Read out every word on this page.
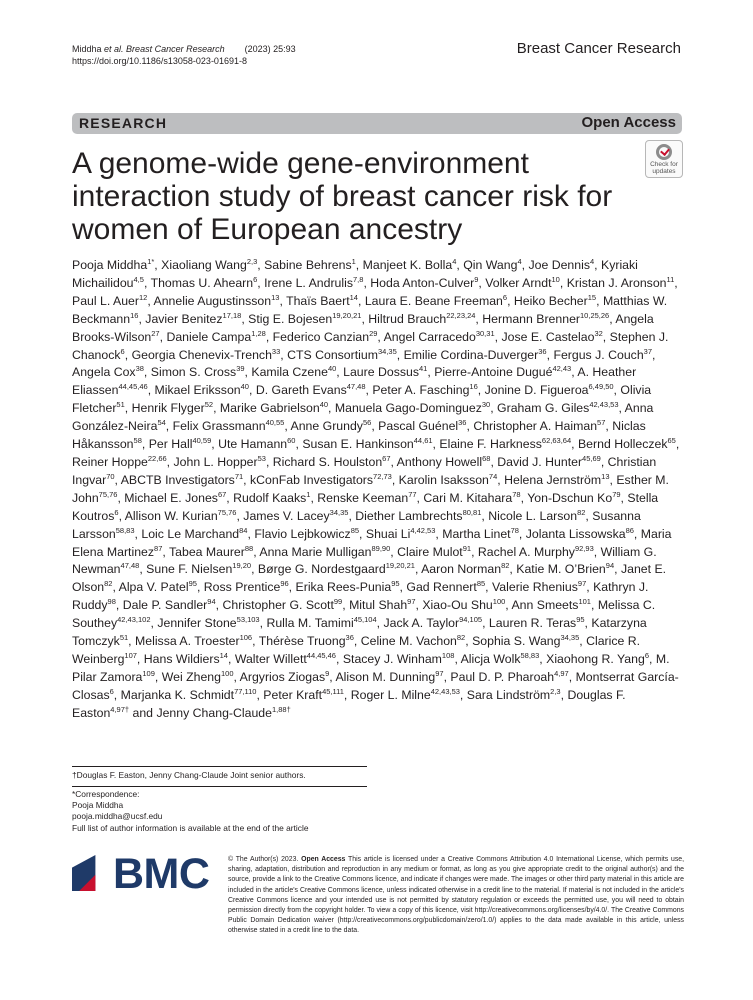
Middha et al. Breast Cancer Research (2023) 25:93
https://doi.org/10.1186/s13058-023-01691-8
Breast Cancer Research
RESEARCH	Open Access
A genome-wide gene-environment interaction study of breast cancer risk for women of European ancestry
Check for
updates
Pooja Middha$^{1*}$, Xiaoliang Wang$^{2,3}$, Sabine Behrens$^1$, Manjeet K. Bolla$^4$, Qin Wang$^4$, Joe Dennis$^4$, Kyriaki Michailidou$^{4,5}$, Thomas U. Ahearn$^6$, Irene L. Andrulis$^{7,8}$, Hoda Anton-Culver$^9$, Volker Arndt$^{10}$, Kristan J. Aronson$^{11}$, Paul L. Auer$^{12}$, Annelie Augustinsson$^{13}$, Thaïs Baert$^{14}$, Laura E. Beane Freeman$^6$, Heiko Becher$^{15}$, Matthias W. Beckmann$^{16}$, Javier Benitez$^{17,18}$, Stig E. Bojesen$^{19,20,21}$, Hiltrud Brauch$^{22,23,24}$, Hermann Brenner$^{10,25,26}$, Angela Brooks-Wilson$^{27}$, Daniele Campa$^{1,28}$, Federico Canzian$^{29}$, Angel Carracedo$^{30,31}$, Jose E. Castelao$^{32}$, Stephen J. Chanock$^6$, Georgia Chenevix-Trench$^{33}$, CTS Consortium$^{34,35}$, Emilie Cordina-Duverger$^{36}$, Fergus J. Couch$^{37}$, Angela Cox$^{38}$, Simon S. Cross$^{39}$, Kamila Czene$^{40}$, Laure Dossus$^{41}$, Pierre-Antoine Dugué$^{42,43}$, A. Heather Eliassen$^{44,45,46}$, Mikael Eriksson$^{40}$, D. Gareth Evans$^{47,48}$, Peter A. Fasching$^{16}$, Jonine D. Figueroa$^{6,49,50}$, Olivia Fletcher$^{51}$, Henrik Flyger$^{52}$, Marike Gabrielson$^{40}$, Manuela Gago-Dominguez$^{30}$, Graham G. Giles$^{42,43,53}$, Anna González-Neira$^{54}$, Felix Grassmann$^{40,55}$, Anne Grundy$^{56}$, Pascal Guénel$^{36}$, Christopher A. Haiman$^{57}$, Niclas Håkansson$^{58}$, Per Hall$^{40,59}$, Ute Hamann$^{60}$, Susan E. Hankinson$^{44,61}$, Elaine F. Harkness$^{62,63,64}$, Bernd Holleczek$^{65}$, Reiner Hoppe$^{22,66}$, John L. Hopper$^{53}$, Richard S. Houlston$^{67}$, Anthony Howell$^{68}$, David J. Hunter$^{45,69}$, Christian Ingvar$^{70}$, ABCTB Investigators$^{71}$, kConFab Investigators$^{72,73}$, Karolin Isaksson$^{74}$, Helena Jernström$^{13}$, Esther M. John$^{75,76}$, Michael E. Jones$^{67}$, Rudolf Kaaks$^1$, Renske Keeman$^{77}$, Cari M. Kitahara$^{78}$, Yon-Dschun Ko$^{79}$, Stella Koutros$^6$, Allison W. Kurian$^{75,76}$, James V. Lacey$^{34,35}$, Diether Lambrechts$^{80,81}$, Nicole L. Larson$^{82}$, Susanna Larsson$^{58,83}$, Loic Le Marchand$^{84}$, Flavio Lejbkowicz$^{85}$, Shuai Li$^{4,42,53}$, Martha Linet$^{78}$, Jolanta Lissowska$^{86}$, Maria Elena Martinez$^{87}$, Tabea Maurer$^{88}$, Anna Marie Mulligan$^{89,90}$, Claire Mulot$^{91}$, Rachel A. Murphy$^{92,93}$, William G. Newman$^{47,48}$, Sune F. Nielsen$^{19,20}$, Børge G. Nordestgaard$^{19,20,21}$, Aaron Norman$^{82}$, Katie M. O’Brien$^{94}$, Janet E. Olson$^{82}$, Alpa V. Patel$^{95}$, Ross Prentice$^{96}$, Erika Rees-Punia$^{95}$, Gad Rennert$^{85}$, Valerie Rhenius$^{97}$, Kathryn J. Ruddy$^{98}$, Dale P. Sandler$^{94}$, Christopher G. Scott$^{99}$, Mitul Shah$^{97}$, Xiao-Ou Shu$^{100}$, Ann Smeets$^{101}$, Melissa C. Southey$^{42,43,102}$, Jennifer Stone$^{53,103}$, Rulla M. Tamimi$^{45,104}$, Jack A. Taylor$^{94,105}$, Lauren R. Teras$^{95}$, Katarzyna Tomczyk$^{51}$, Melissa A. Troester$^{106}$, Thérèse Truong$^{36}$, Celine M. Vachon$^{82}$, Sophia S. Wang$^{34,35}$, Clarice R. Weinberg$^{107}$, Hans Wildiers$^{14}$, Walter Willett$^{44,45,46}$, Stacey J. Winham$^{108}$, Alicja Wolk$^{58,83}$, Xiaohong R. Yang$^6$, M. Pilar Zamora$^{109}$, Wei Zheng$^{100}$, Argyrios Ziogas$^9$, Alison M. Dunning$^{97}$, Paul D. P. Pharoah$^{4,97}$, Montserrat García-Closas$^6$, Marjanka K. Schmidt$^{77,110}$, Peter Kraft$^{45,111}$, Roger L. Milne$^{42,43,53}$, Sara Lindström$^{2,3}$, Douglas F. Easton$^{4,97\dagger}$ and Jenny Chang-Claude$^{1,88\dagger}$
†Douglas F. Easton, Jenny Chang-Claude Joint senior authors.
*Correspondence:
Pooja Middha
pooja.middha@ucsf.edu
Full list of author information is available at the end of the article
BMC	© The Author(s) 2023. Open Access This article is licensed under a Creative Commons Attribution 4.0 International License, which permits use, sharing, adaptation, distribution and reproduction in any medium or format, as long as you give appropriate credit to the original author(s) and the source, provide a link to the Creative Commons licence, and indicate if changes were made. The images or other third party material in this article are included in the article's Creative Commons licence, unless indicated otherwise in a credit line to the material. If material is not included in the article's Creative Commons licence and your intended use is not permitted by statutory regulation or exceeds the permitted use, you will need to obtain permission directly from the copyright holder. To view a copy of this licence, visit http://creativecommons.org/licenses/by/4.0/. The Creative Commons Public Domain Dedication waiver (http://creativecommons.org/publicdomain/zero/1.0/) applies to the data made available in this article, unless otherwise stated in a credit line to the data.
